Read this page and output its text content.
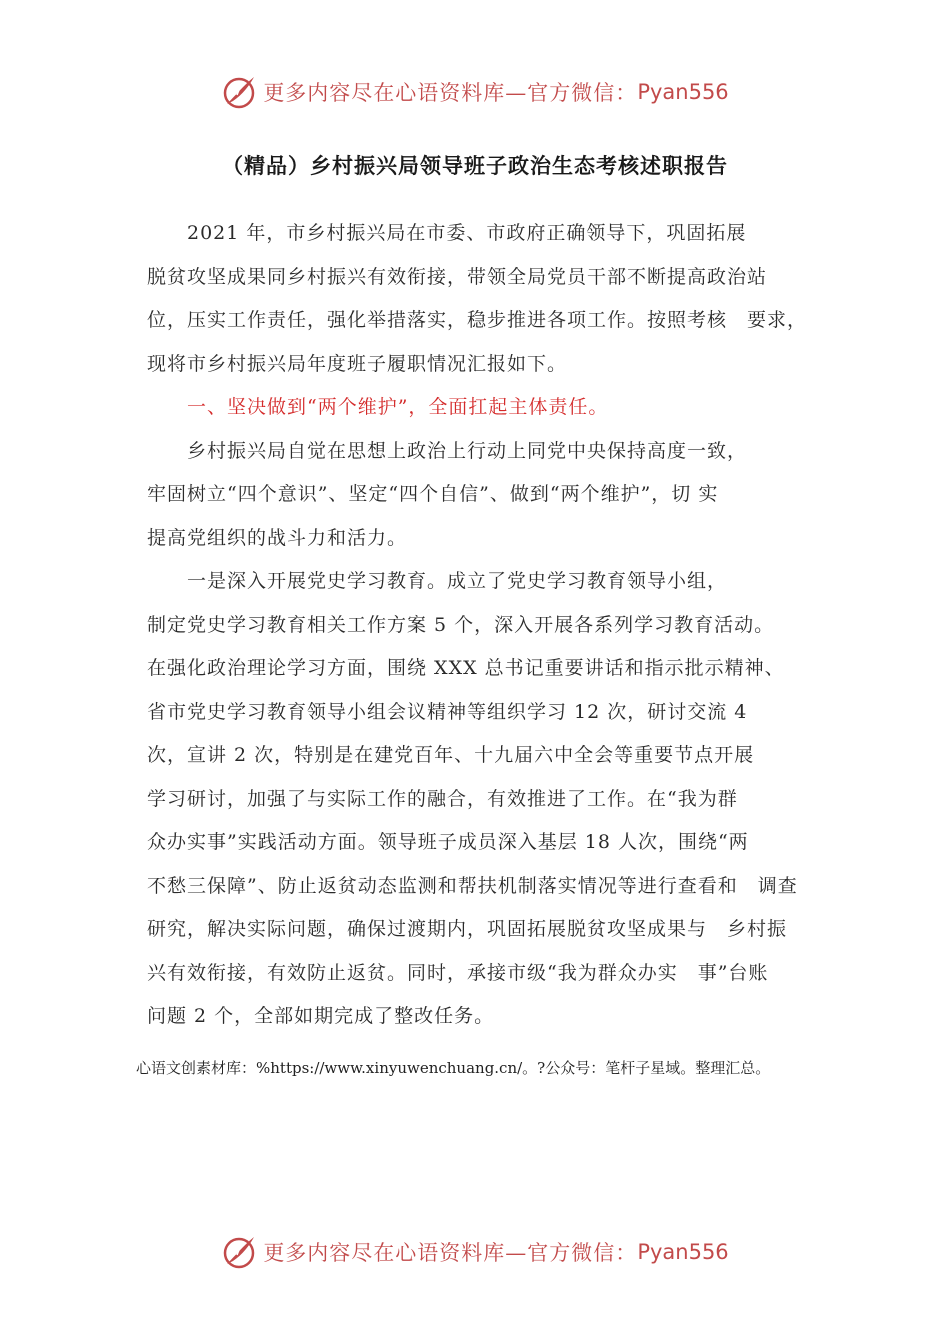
更多内容尽在心语资料库—官方微信： Pyan556
（精品）乡村振兴局领导班子政治生态考核述职报告
　　2021 年，市乡村振兴局在市委、市政府正确领导下，巩固拓展
脱贫攻坚成果同乡村振兴有效衔接，带领全局党员干部不断提高政治站
位，压实工作责任，强化举措落实，稳步推进各项工作。按照考核　要求，
现将市乡村振兴局年度班子履职情况汇报如下。
　　一、坚决做到“两个维护”，全面扛起主体责任。
　　乡村振兴局自觉在思想上政治上行动上同党中央保持高度一致，
牢固树立“四个意识”、坚定“四个自信”、做到“两个维护”，切 实
提高党组织的战斗力和活力。
　　一是深入开展党史学习教育。成立了党史学习教育领导小组，
制定党史学习教育相关工作方案 5 个，深入开展各系列学习教育活动。
在强化政治理论学习方面，围绕 XXX 总书记重要讲话和指示批示精神、
省市党史学习教育领导小组会议精神等组织学习 12 次，研讨交流 4
次，宣讲 2 次，特别是在建党百年、十九届六中全会等重要节点开展
学习研讨，加强了与实际工作的融合，有效推进了工作。在“我为群
众办实事”实践活动方面。领导班子成员深入基层 18 人次，围绕“两
不愁三保障”、防止返贫动态监测和帮扶机制落实情况等进行查看和　调查
研究，解决实际问题，确保过渡期内，巩固拓展脱贫攻坚成果与　乡村振
兴有效衔接，有效防止返贫。同时，承接市级“我为群众办实　事”台账
问题 2 个，全部如期完成了整改任务。
心语文创素材库：%https://www.xinyuwenchuang.cn/。?公众号：笔杆子星域。整理汇总。
更多内容尽在心语资料库—官方微信： Pyan556
